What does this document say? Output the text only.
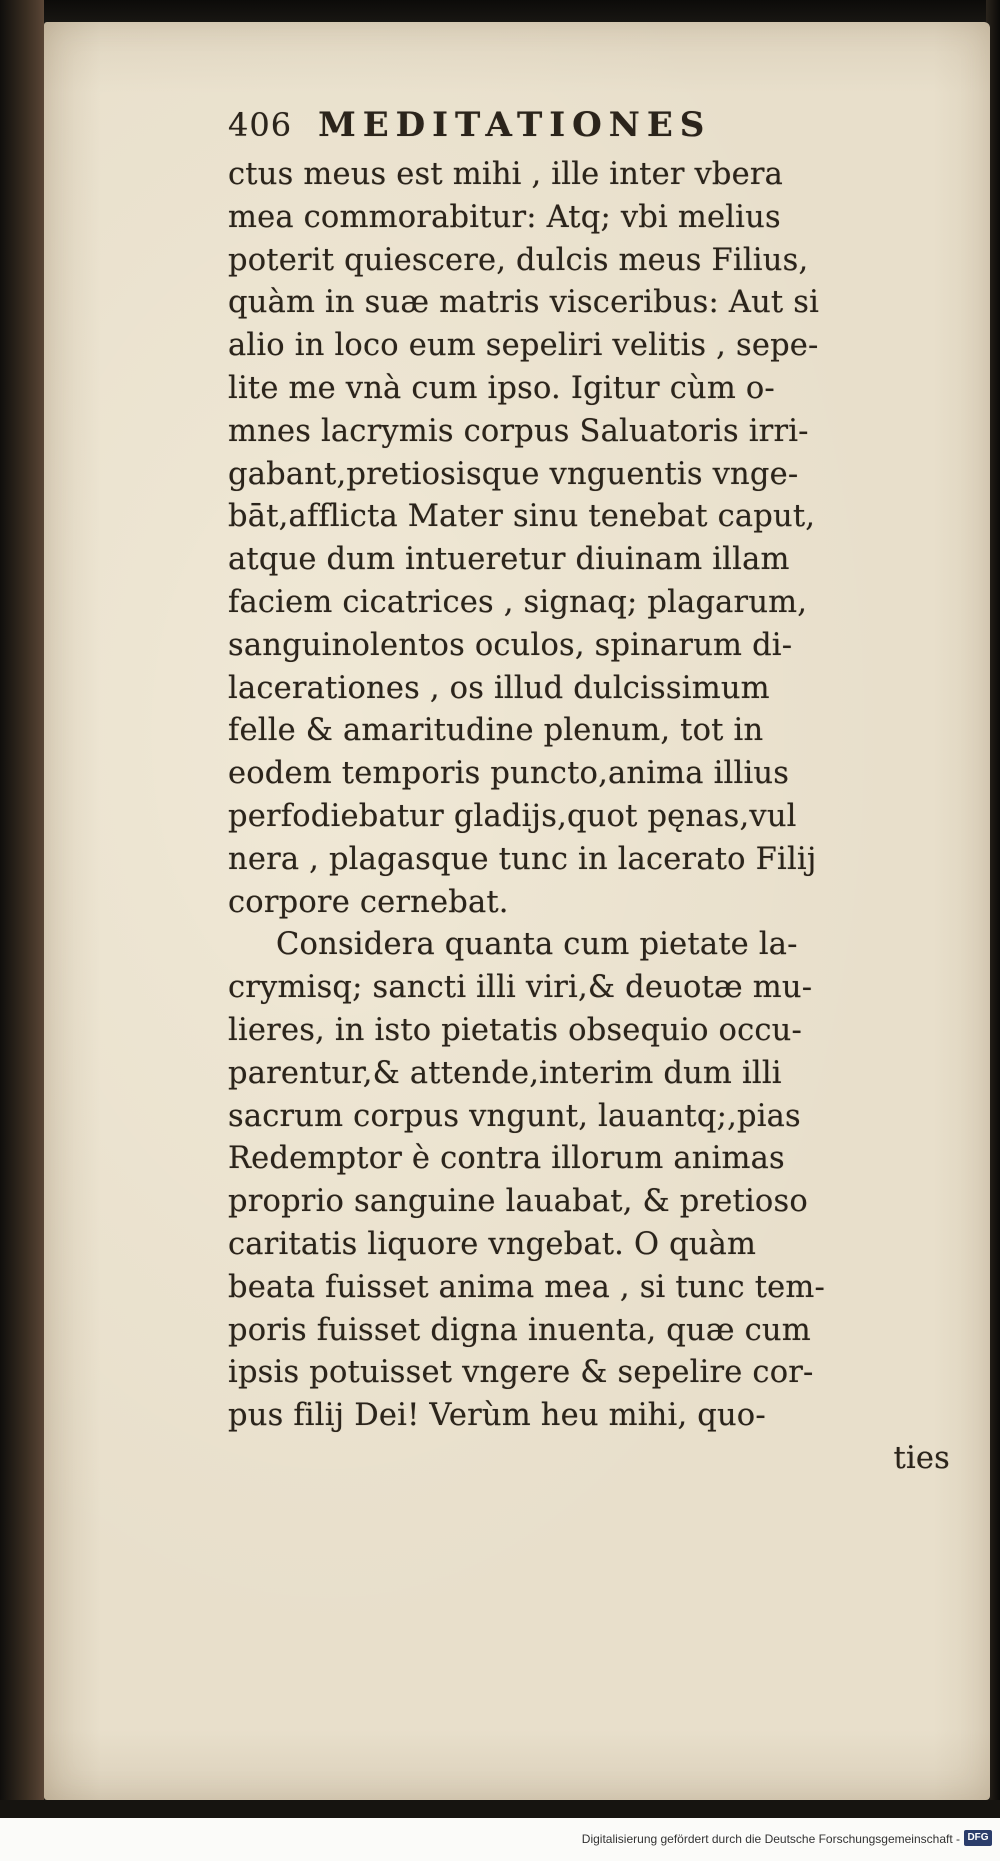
406 MEDITATIONES
ctus meus est mihi , ille inter vbera
mea commorabitur: Atq; vbi melius
poterit quiescere, dulcis meus Filius,
quàm in suæ matris visceribus: Aut si
alio in loco eum sepeliri velitis , sepe-
lite me vnà cum ipso. Igitur cùm o-
mnes lacrymis corpus Saluatoris irri-
gabant,pretiosisque vnguentis vnge-
bāt,afflicta Mater sinu tenebat caput,
atque dum intueretur diuinam illam
faciem cicatrices , signaq; plagarum,
sanguinolentos oculos, spinarum di-
lacerationes , os illud dulcissimum
felle & amaritudine plenum, tot in
eodem temporis puncto,anima illius
perfodiebatur gladijs,quot pęnas,vul
nera , plagasque tunc in lacerato Filij
corpore cernebat.
Considera quanta cum pietate la-
crymisq; sancti illi viri,& deuotæ mu-
lieres, in isto pietatis obsequio occu-
parentur,& attende,interim dum illi
sacrum corpus vngunt, lauantq;,pias
Redemptor è contra illorum animas
proprio sanguine lauabat, & pretioso
caritatis liquore vngebat. O quàm
beata fuisset anima mea , si tunc tem-
poris fuisset digna inuenta, quæ cum
ipsis potuisset vngere & sepelire cor-
pus filij Dei! Verùm heu mihi, quo-
ties
Digitalisierung gefördert durch die Deutsche Forschungsgemeinschaft - DFG
